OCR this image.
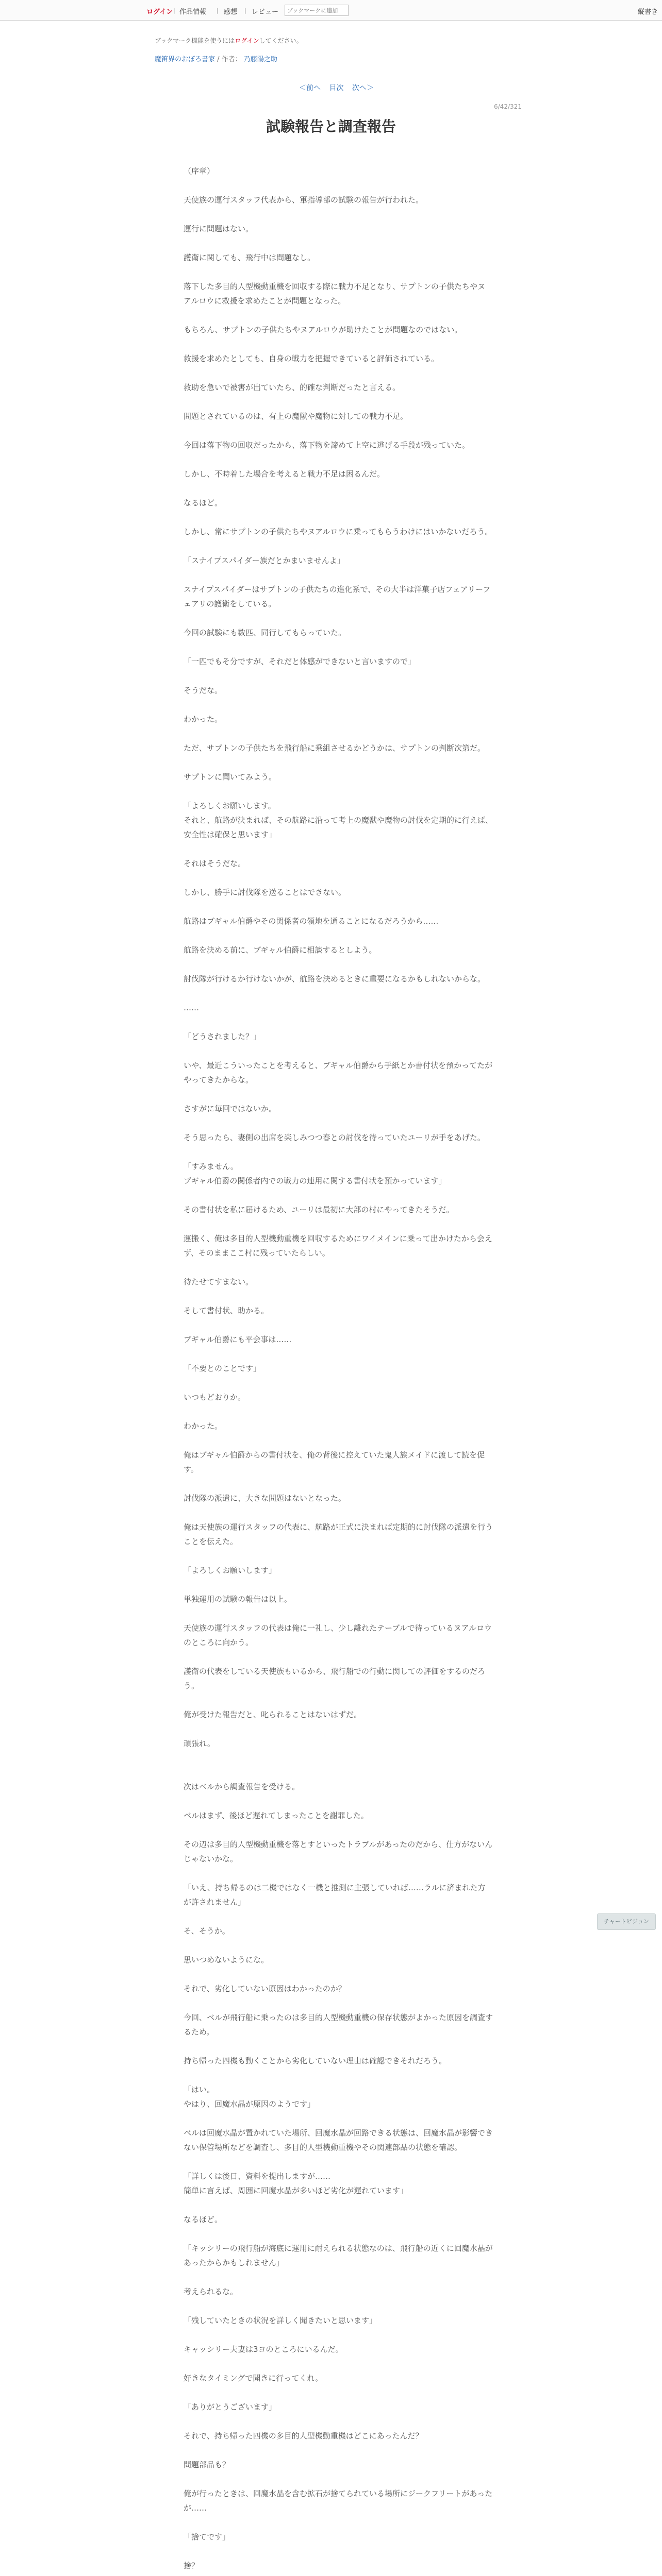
ログイン | 作品情報 | 感想 | レビュー
ブックマークに追加	縦書き
ブックマーク機能を使うにはログインしてください。
魔笛界のおぼろ書家 / 作者： 乃藤陽之助
＜前へ 目次 次へ＞
6/42/321
試験報告と調査報告

（序章）

天使族の運行スタッフ代表から、軍指導部の試験の報告が行われた。

運行に問題はない。

護衛に関しても、飛行中は問題なし。

落下した多目的人型機動重機を回収する際に戦力不足となり、サプトンの子供たちやヌアルロウに救援を求めたことが問題となった。

もちろん、サプトンの子供たちやヌアルロウが助けたことが問題なのではない。

救援を求めたとしても、自身の戦力を把握できていると評価されている。

救助を急いで被害が出ていたら、的確な判断だったと言える。

問題とされているのは、有上の魔獣や魔物に対しての戦力不足。

今回は落下物の回収だったから、落下物を諦めて上空に逃げる手段が残っていた。

しかし、不時着した場合を考えると戦力不足は困るんだ。

なるほど。

しかし、常にサプトンの子供たちやヌアルロウに乗ってもらうわけにはいかないだろう。

「スナイプスパイダー族だとかまいませんよ」

スナイプスパイダーはサプトンの子供たちの進化系で、その大半は洋菓子店フェアリーフェアリの護衛をしている。

今回の試験にも数匹、同行してもらっていた。

「一匹でもそ分ですが、それだと体感ができないと言いますので」

そうだな。

わかった。

ただ、サプトンの子供たちを飛行船に乗組させるかどうかは、サプトンの判断次第だ。

サプトンに聞いてみよう。

「よろしくお願いします。
それと、航路が決まれば、その航路に沿って考上の魔獣や魔物の討伐を定期的に行えば、安全性は確保と思います」

それはそうだな。

しかし、勝手に討伐隊を送ることはできない。

航路はブギャル伯爵やその関係者の領地を通ることになるだろうから……

航路を決める前に、ブギャル伯爵に相談するとしよう。

討伐隊が行けるか行けないかが、航路を決めるときに重要になるかもしれないからな。

……

「どうされました？」

いや、最近こういったことを考えると、ブギャル伯爵から手紙とか書付状を預かってたがやってきたからな。

さすがに毎回ではないか。

そう思ったら、妻側の出席を楽しみつつ春との討伐を待っていたユーリが手をあげた。

「すみません。
ブギャル伯爵の関係者内での戦力の連用に関する書付状を預かっています」

その書付状を私に届けるため、ユーリは最初に大部の村にやってきたそうだ。

運搬く、俺は多目的人型機動重機を回収するためにワイメインに乗って出かけたから会えず、そのままここ村に残っていたらしい。

待たせてすまない。

そして書付状、助かる。

ブギャル伯爵にも平会事は……

「不要とのことです」

いつもどおりか。

わかった。

俺はブギャル伯爵からの書付状を、俺の背後に控えていた鬼人族メイドに渡して読を促す。

討伐隊の派遣に、大きな問題はないとなった。

俺は天使族の運行スタッフの代表に、航路が正式に決まれば定期的に討伐隊の派遣を行うことを伝えた。

「よろしくお願いします」

単独運用の試験の報告は以上。

天使族の運行スタッフの代表は俺に一礼し、少し離れたテーブルで待っているヌアルロウのところに向かう。

護衛の代表をしている天使族もいるから、飛行船での行動に関しての評価をするのだろう。

俺が受けた報告だと、叱られることはないはずだ。

頑張れ。

次はベルから調査報告を受ける。

ベルはまず、後ほど遅れてしまったことを謝罪した。

その辺は多目的人型機動重機を落とすといったトラブルがあったのだから、仕方がないんじゃないかな。

「いえ、持ち帰るのは二機ではなく一機と推測に主張していれば……ラルに済まれた方が許されません」

そ、そうか。

思いつめないようにな。

それで、劣化していない原因はわかったのか？

今回、ベルが飛行船に乗ったのは多目的人型機動重機の保存状態がよかった原因を調査するため。

持ち帰った四機も動くことから劣化していない理由は確認できそれだろう。

「はい。
やはり、回魔水晶が原因のようです」

ベルは回魔水晶が置かれていた場所、回魔水晶が回路できる状態は、回魔水晶が影響できない保管場所などを調査し、多目的人型機動重機やその関連部品の状態を確認。

「詳しくは後日、資料を提出しますが……
簡単に言えば、周囲に回魔水晶が多いほど劣化が遅れています」

なるほど。

「キッシリーの飛行船が海底に運用に耐えられる状態なのは、飛行船の近くに回魔水晶があったからかもしれません」

考えられるな。

「残していたときの状況を詳しく聞きたいと思います」

キャッシリー夫妻は3ヨのところにいるんだ。

好きなタイミングで聞きに行ってくれ。

「ありがとうございます」

それで、持ち帰った四機の多目的人型機動重機はどこにあったんだ？

問題部品も？

俺が行ったときは、回魔水晶を含む拡石が捨てられている場所にジークフリートがあったが……

「捨てです」

捨？

チャートビジョン
